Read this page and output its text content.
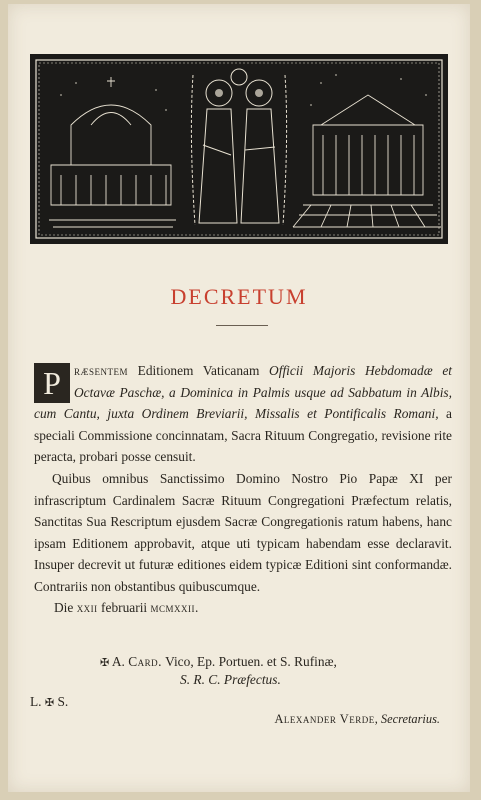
DECRETUM

P ræsentem Editionem Vaticanam Officii Majoris Hebdomadæ et Octavæ Paschæ, a Dominica in Palmis usque ad Sabbatum in Albis, cum Cantu, juxta Ordinem Breviarii, Missalis et Pontificalis Romani, a speciali Commissione concinnatam, Sacra Rituum Congregatio, revisione rite peracta, probari posse censuit.

Quibus omnibus Sanctissimo Domino Nostro Pio Papæ XI per infrascriptum Cardinalem Sacræ Rituum Congregationi Præfectum relatis, Sanctitas Sua Rescriptum ejusdem Sacræ Congregationis ratum habens, hanc ipsam Editionem approbavit, atque uti typicam habendam esse declaravit. Insuper decrevit ut futuræ editiones eidem typicæ Editioni sint conformandæ. Contrariis non obstantibus quibuscumque.

Die xxii februarii mcmxxii.
✠ A. Card. Vico, Ep. Portuen. et S. Rufinæ,
S. R. C. Præfectus.
L. ✠ S.
Alexander Verde, Secretarius.
